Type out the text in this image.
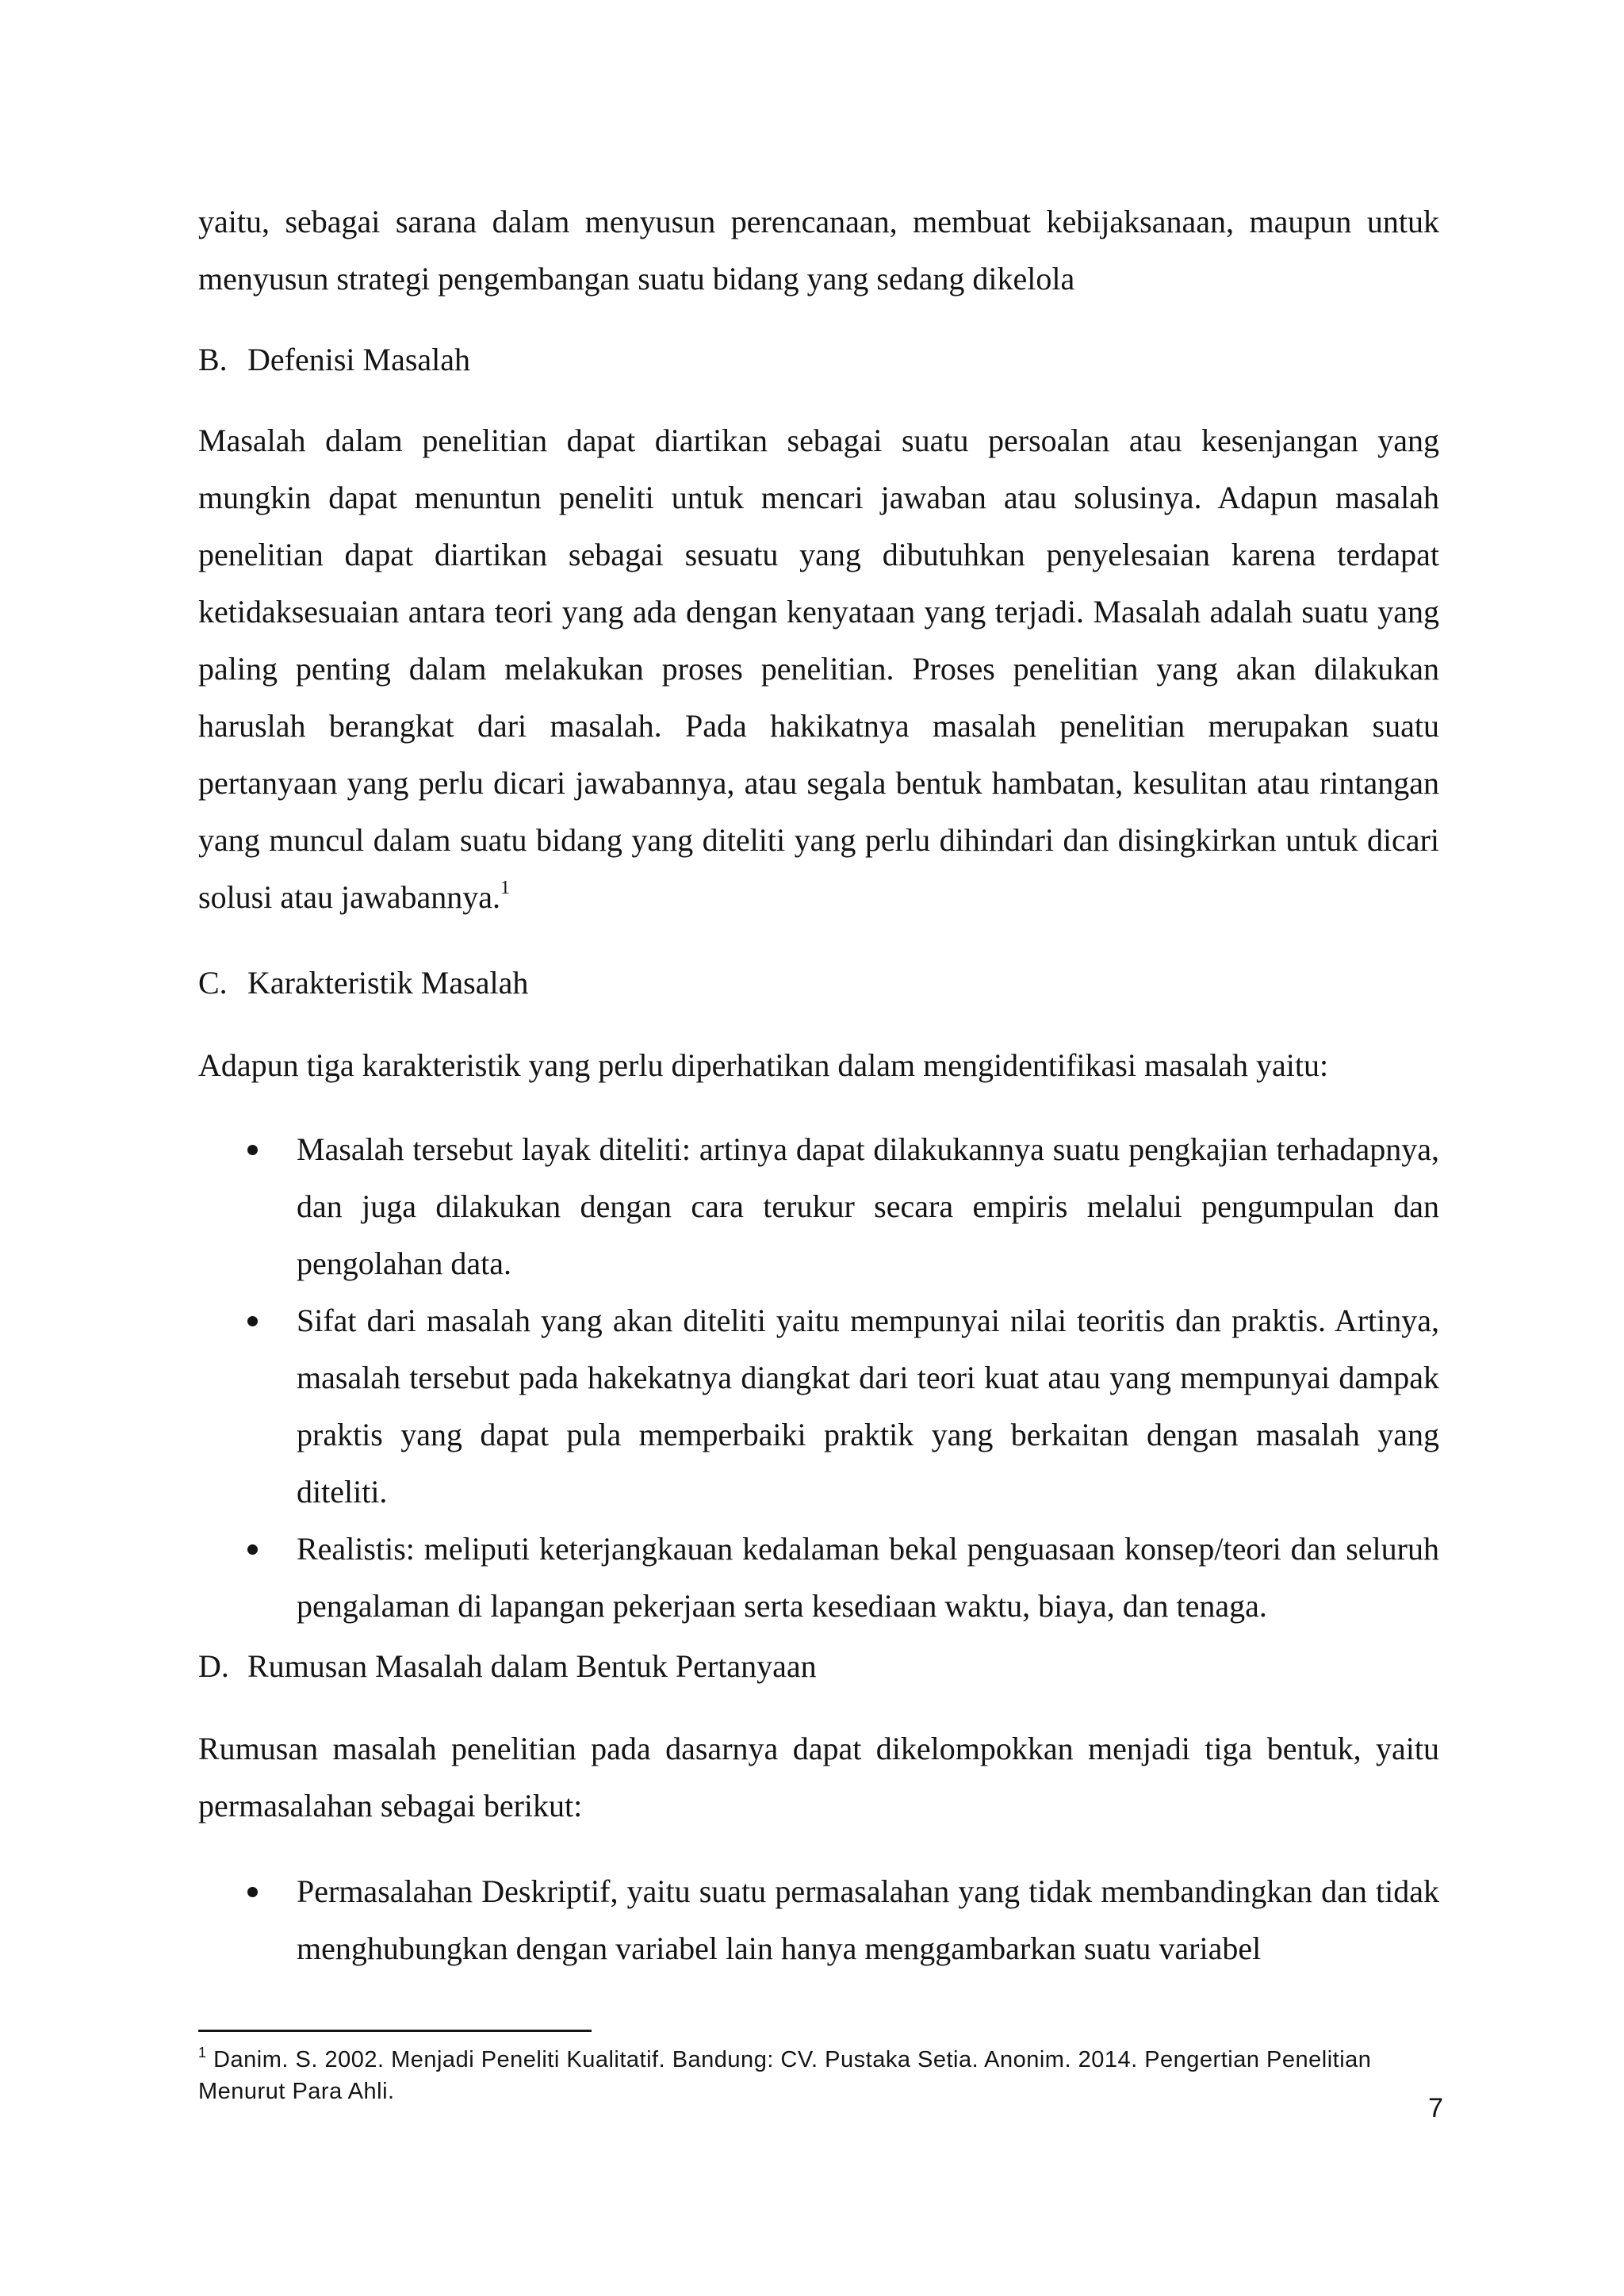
yaitu, sebagai sarana dalam menyusun perencanaan, membuat kebijaksanaan, maupun untuk menyusun strategi pengembangan suatu bidang yang sedang dikelola

B. Defenisi Masalah

Masalah dalam penelitian dapat diartikan sebagai suatu persoalan atau kesenjangan yang mungkin dapat menuntun peneliti untuk mencari jawaban atau solusinya. Adapun masalah penelitian dapat diartikan sebagai sesuatu yang dibutuhkan penyelesaian karena terdapat ketidaksesuaian antara teori yang ada dengan kenyataan yang terjadi. Masalah adalah suatu yang paling penting dalam melakukan proses penelitian. Proses penelitian yang akan dilakukan haruslah berangkat dari masalah. Pada hakikatnya masalah penelitian merupakan suatu pertanyaan yang perlu dicari jawabannya, atau segala bentuk hambatan, kesulitan atau rintangan yang muncul dalam suatu bidang yang diteliti yang perlu dihindari dan disingkirkan untuk dicari solusi atau jawabannya.$^1$

C. Karakteristik Masalah

Adapun tiga karakteristik yang perlu diperhatikan dalam mengidentifikasi masalah yaitu:

Masalah tersebut layak diteliti: artinya dapat dilakukannya suatu pengkajian terhadapnya, dan juga dilakukan dengan cara terukur secara empiris melalui pengumpulan dan pengolahan data.
Sifat dari masalah yang akan diteliti yaitu mempunyai nilai teoritis dan praktis. Artinya, masalah tersebut pada hakekatnya diangkat dari teori kuat atau yang mempunyai dampak praktis yang dapat pula memperbaiki praktik yang berkaitan dengan masalah yang diteliti.
Realistis: meliputi keterjangkauan kedalaman bekal penguasaan konsep/teori dan seluruh pengalaman di lapangan pekerjaan serta kesediaan waktu, biaya, dan tenaga.

D. Rumusan Masalah dalam Bentuk Pertanyaan

Rumusan masalah penelitian pada dasarnya dapat dikelompokkan menjadi tiga bentuk, yaitu permasalahan sebagai berikut:

Permasalahan Deskriptif, yaitu suatu permasalahan yang tidak membandingkan dan tidak menghubungkan dengan variabel lain hanya menggambarkan suatu variabel
$^1$ Danim. S. 2002. Menjadi Peneliti Kualitatif. Bandung: CV. Pustaka Setia. Anonim. 2014. Pengertian Penelitian Menurut Para Ahli.
7
